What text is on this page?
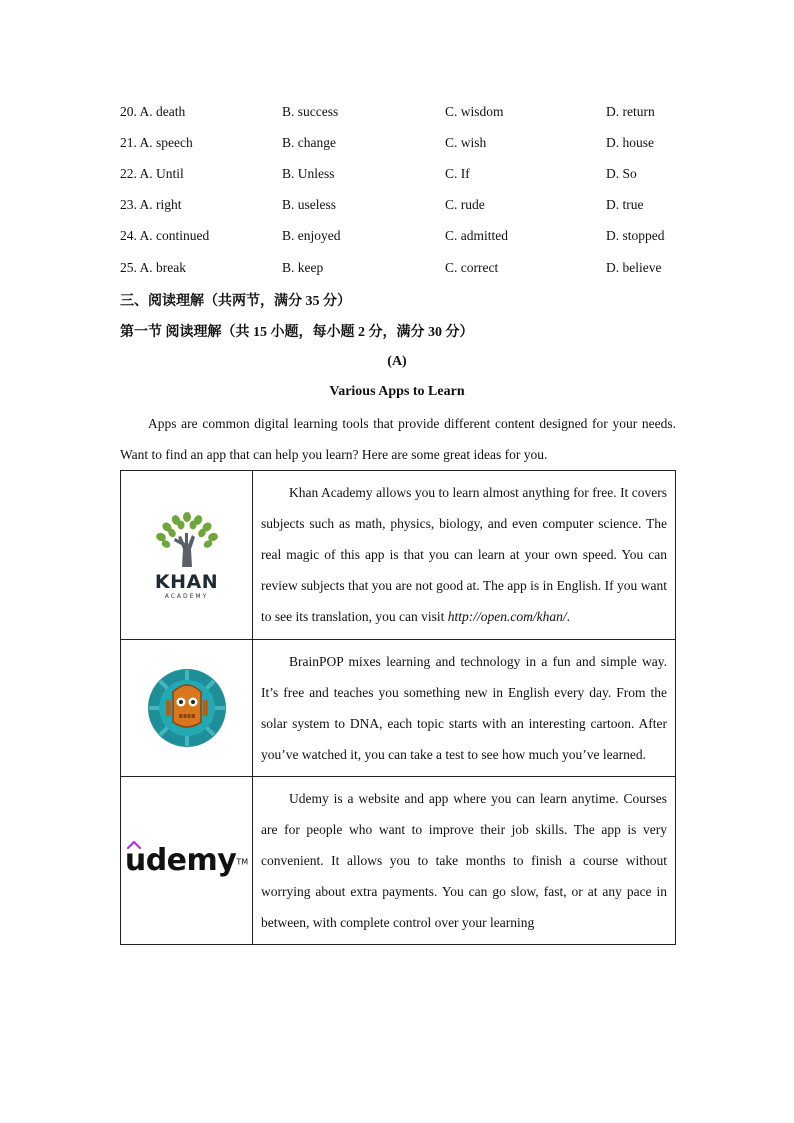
20. A. death	B. success	C. wisdom	D. return
21. A. speech	B. change	C. wish	D. house
22. A. Until	B. Unless	C. If	D. So
23. A. right	B. useless	C. rude	D. true
24. A. continued	B. enjoyed	C. admitted	D. stopped
25. A. break	B. keep	C. correct	D. believe
三、阅读理解（共两节，满分 35 分）
第一节 阅读理解（共 15 小题，每小题 2 分，满分 30 分）
(A)
Various Apps to Learn

Apps are common digital learning tools that provide different content designed for your needs. Want to find an app that can help you learn? Here are some great ideas for you.

KHAN
ACADEMY	Khan Academy allows you to learn almost anything for free. It covers subjects such as math, physics, biology, and even computer science. The real magic of this app is that you can learn at your own speed. You can review subjects that you are not good at. The app is in English. If you want to see its translation, you can visit http://open.com/khan/.

BrainPOP mixes learning and technology in a fun and simple way. It’s free and teaches you something new in English every day. From the solar system to DNA, each topic starts with an interesting cartoon. After you’ve watched it, you can take a test to see how much you’ve learned.

udemy™	Udemy is a website and app where you can learn anytime. Courses are for people who want to improve their job skills. The app is very convenient. It allows you to take months to finish a course without worrying about extra payments. You can go slow, fast, or at any pace in between, with complete control over your learning
